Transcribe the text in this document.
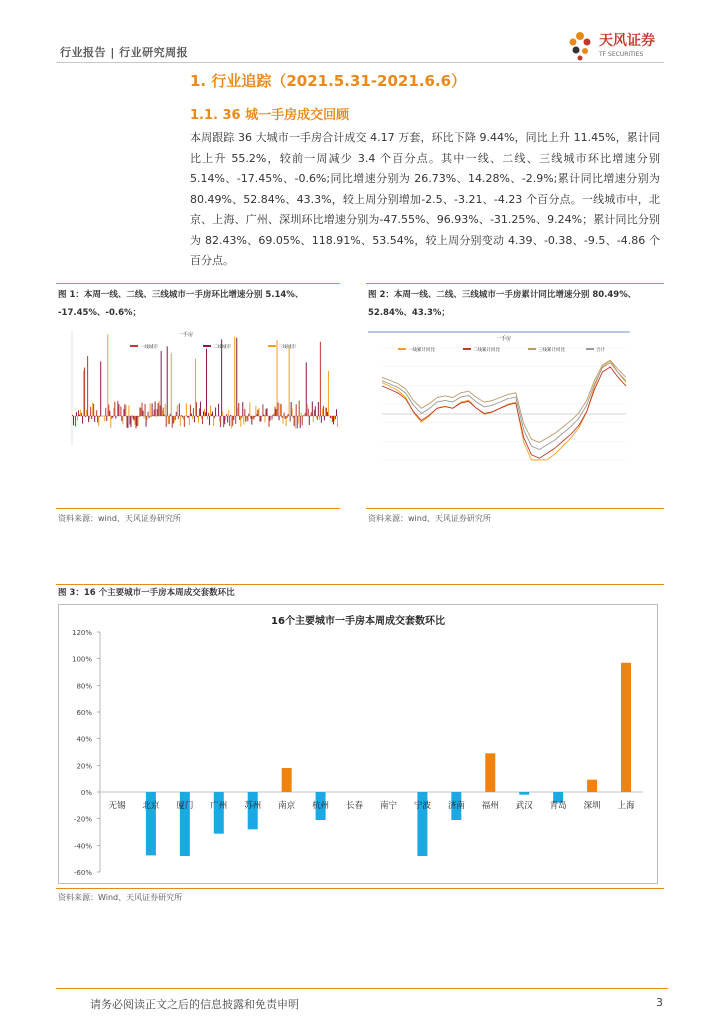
行业报告 | 行业研究周报
天风证券
TF SECURITIES
1. 行业追踪（2021.5.31-2021.6.6）
1.1. 36 城一手房成交回顾
本周跟踪 36 大城市一手房合计成交 4.17 万套，环比下降 9.44%，同比上升 11.45%，累计同比上升 55.2%，较前一周减少 3.4 个百分点。其中一线、二线、三线城市环比增速分别5.14%、-17.45%、-0.6%;同比增速分别为 26.73%、14.28%、-2.9%;累计同比增速分别为 80.49%、52.84%、43.3%，较上周分别增加-2.5、-3.21、-4.23 个百分点。一线城市中，北京、上海、广州、深圳环比增速分别为-47.55%、96.93%、-31.25%、9.24%；累计同比分别为 82.43%、69.05%、118.91%、53.54%，较上周分别变动 4.39、-0.38、-9.5、-4.86 个百分点。
图 1：本周一线、二线、三线城市一手房环比增速分别 5.14%、
-17.45%、-0.6%；
一手房
一线城市	二线城市	三线城市
资料来源：wind、天风证券研究所
图 2：本周一线、二线、三线城市一手房累计同比增速分别 80.49%、
52.84%、43.3%；
一手房
一线累计同比	二线累计同比	三线累计同比	合计
资料来源：wind、天风证券研究所
图 3：16 个主要城市一手房本周成交套数环比
16个主要城市一手房本周成交套数环比
120%
100%
80%
60%
40%
20%
0%
-20%
-40%
-60%
无锡 北京 厦门 广州 苏州 南京 杭州 长春 南宁 宁波 济南 福州 武汉 青岛 深圳 上海
资料来源：Wind、天风证券研究所
请务必阅读正文之后的信息披露和免责申明	3
